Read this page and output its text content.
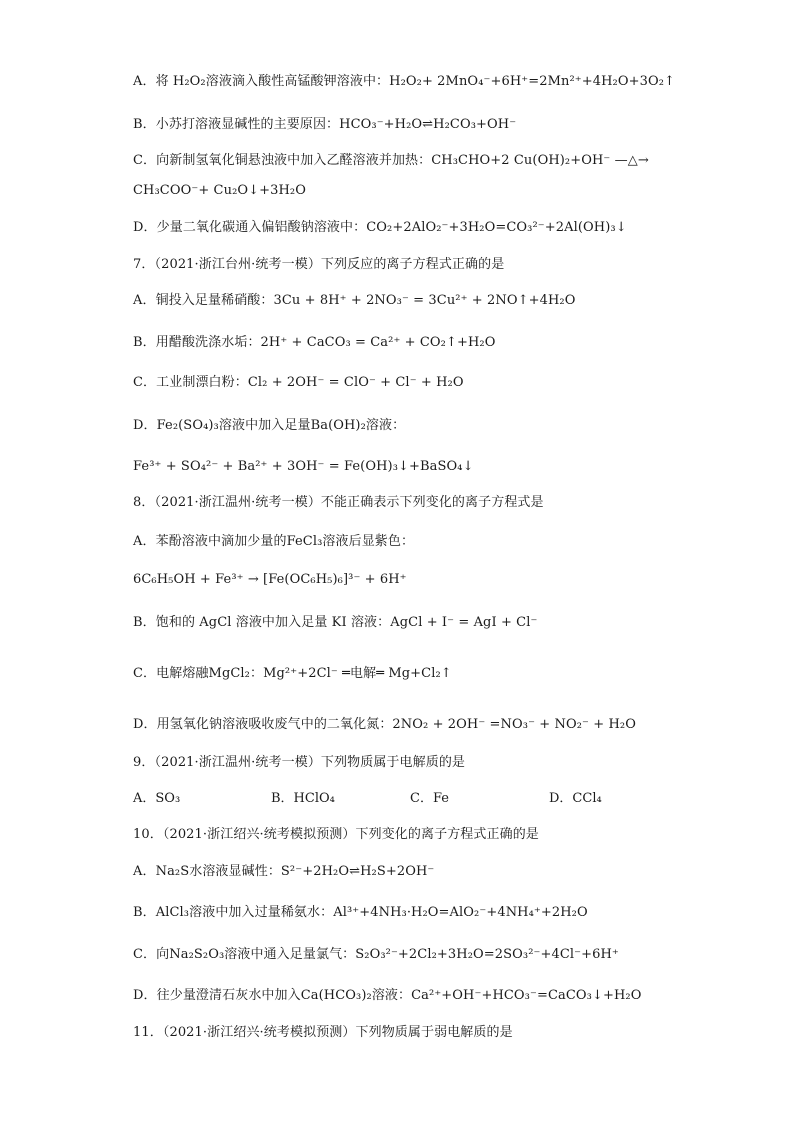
A．将 H₂O₂溶液滴入酸性高锰酸钾溶液中：H₂O₂+ 2MnO₄⁻+6H⁺=2Mn²⁺+4H₂O+3O₂↑
B．小苏打溶液显碱性的主要原因：HCO₃⁻+H₂O⇌H₂CO₃+OH⁻
C．向新制氢氧化铜悬浊液中加入乙醛溶液并加热：CH₃CHO+2 Cu(OH)₂+OH⁻ —△→
CH₃COO⁻+ Cu₂O↓+3H₂O
D．少量二氧化碳通入偏铝酸钠溶液中：CO₂+2AlO₂⁻+3H₂O=CO₃²⁻+2Al(OH)₃↓
7．（2021·浙江台州·统考一模）下列反应的离子方程式正确的是
A．铜投入足量稀硝酸：3Cu + 8H⁺ + 2NO₃⁻ = 3Cu²⁺ + 2NO↑+4H₂O
B．用醋酸洗涤水垢：2H⁺ + CaCO₃ = Ca²⁺ + CO₂↑+H₂O
C．工业制漂白粉：Cl₂ + 2OH⁻ = ClO⁻ + Cl⁻ + H₂O
D．Fe₂(SO₄)₃溶液中加入足量Ba(OH)₂溶液：
Fe³⁺ + SO₄²⁻ + Ba²⁺ + 3OH⁻ = Fe(OH)₃↓+BaSO₄↓
8．（2021·浙江温州·统考一模）不能正确表示下列变化的离子方程式是
A．苯酚溶液中滴加少量的FeCl₃溶液后显紫色：
6C₆H₅OH + Fe³⁺ → [Fe(OC₆H₅)₆]³⁻ + 6H⁺
B．饱和的 AgCl 溶液中加入足量 KI 溶液：AgCl + I⁻ = AgI + Cl⁻
C．电解熔融MgCl₂：Mg²⁺+2Cl⁻ ═电解═ Mg+Cl₂↑
D．用氢氧化钠溶液吸收废气中的二氧化氮：2NO₂ + 2OH⁻ =NO₃⁻ + NO₂⁻ + H₂O
9．（2021·浙江温州·统考一模）下列物质属于电解质的是
A．SO₃	B．HClO₄	C．Fe	D．CCl₄
10．（2021·浙江绍兴·统考模拟预测）下列变化的离子方程式正确的是
A．Na₂S水溶液显碱性：S²⁻+2H₂O⇌H₂S+2OH⁻
B．AlCl₃溶液中加入过量稀氨水：Al³⁺+4NH₃·H₂O=AlO₂⁻+4NH₄⁺+2H₂O
C．向Na₂S₂O₃溶液中通入足量氯气：S₂O₃²⁻+2Cl₂+3H₂O=2SO₃²⁻+4Cl⁻+6H⁺
D．往少量澄清石灰水中加入Ca(HCO₃)₂溶液：Ca²⁺+OH⁻+HCO₃⁻=CaCO₃↓+H₂O
11．（2021·浙江绍兴·统考模拟预测）下列物质属于弱电解质的是
